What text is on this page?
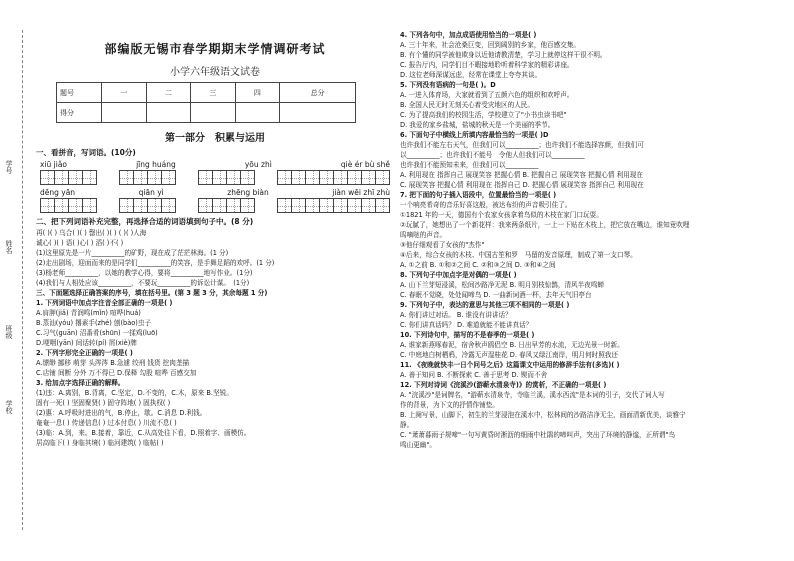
学校
班级
姓名
学号
部编版无锡市春学期期末学情调研考试
小学六年级语文试卷
题号	一	二	三	四	总分
得分					
第一部分　积累与运用
一、看拼音，写词语。(10分)
xiū jiǎo	jīng huáng	yōu zhì	qiè ér bù shě
dēng yān	qiān yì	zhēng biàn	jiàn wēi zhī zhù
二、把下列词语补充完整，再选择合适的词语填到句子中。(8 分)
再( )( ) 乌合( )( ) 罄出( )( ) ( )( )人海
诚心( )( ) 语( )心( ) 滔( )不( )
(1)这里原先是一片__________的矿野，现在成了茫茫林海。(1 分)
(2)走出剧场，迎面而来的是同学们__________的笑容，是手舞足蹈的欢呼。(1 分)
(3)杨老师__________，以她的教学心得，要将__________地写作业。(1分)
(4)我们与人相处应该__________，不要玩__________的诉讼计谋。　(1分)
三、下面题选择正确答案的序号，填在括号里。(第 3 题 3 分，其余每题 1 分)
1. 下列词语中加点字注音全部正确的一项是( )
A.肩胛(jiǎ) 青润鸣(mǐn) 喧哗(huá)
B.蒸汕(yóu) 撂素手(zhé) 刨(bào)虫子
C.习气(guān) 沼番肴(shūn) 一揉鸡(luō)
D.哽咽(yān) 间话转(pí) 屑(xiè)牌
2. 下列字形完全正确的一项是( )
A.缥缈 挪移 萌芽 头涔涔 B.急遽 绞刑 钱货 挖肉垄描
C.店铺 间断 分外 万不得已 D.保释 勾股 喧哗 百感交加
3. 给加点字选择正确的解释。
(1)违：A.离别，B.背离，C.坚定，D.不变的，C.木，原来 B.坚锐。
固有一死( ) 坚固聚贤( ) 固守阵地( ) 固执权( )
(2)惠：A.呼吸时进出的气，B.停止，歇。C.消息 D.利钱。
奄奄一息( ) 传递信息( ) 过本付息( ) 川流不息( )
(3)临：A.到，来。B.接着，靠近，C.从高处往下看，D.照着字、画模仿。
居高临下( ) 身临其境( ) 临河建筑( ) 临帖( )
4. 下列各句中，加点成语使用恰当的一项是( )
A. 三十年来，社会沧桑巨变，回到阔别的乡家，他百感交集。
B. 有个懂的同学被他欺身以近他请教清楚，学习上就停这样干很不明。
C. 报告厅内，同学们目不暇接地聆听着科学家的精彩讲座。
D. 这位老师深谋远虑，经常在课堂上夸夸其谈。
5. 下列没有语病的一句是( )。D
A. 一进入体育场，大家就看到了五颜六色的组织和欢呼声。
B. 全国人民无时无刻关心着受灾地区的人民。
C. 为了提高我们的校园生活，学校建立了"小书虫读书吧"
D. 我爱的家乡盐城，盐城的秋天是一个美丽的季节。
6. 下面句子中横线上所填内容最恰当的一项是( )D
也许我们不能左右天气，但我们可以__________；也许我们不能选择容颜，但我们可
以__________；也许我们不能号　令他人但我们可以__________
也许我们不能预知未来，但我们可以__________
A. 利用现在 指挥自己 展现笑容 把握心情 B. 把握自己 展现笑容 把握心情 利用现在
C. 展现笑容 把握心情 利用现在 指挥自己 D. 把握心情 展现笑容 指挥自己 利用现在
7. 把下面的句子插入语段中，位置最恰当的一项是( )
一个响亮希奇的音乐好喜这般，被达布纷的声音吸引住了。
①1821 年的一天，德国有个农家女孩拿着鸟似的木枝在家门口玩耍。
②玩腻了，她想出了一个新花样：我来两条纸片，一上一下贴在木枝上，把它放在嘴边，谁知竟吹哩
呜嘀哒的声音。
③他仔细观看了女孩的"杰作"
④后来，综合女孩的木枝、中国古笙和罗　马留的发音原理，制成了第一支口琴。
A. ①之前 B. ①和②之间 C. ②和③之间 D. ③和④之间
8. 下列句子中加点字是对偶的一项是( )
A. 山下兰芽短浸溪，松间沙路净无泥 B. 明月别枝惊鹊，清风半夜鸣蝉
C. 春眠不觉晓，处处闻啼鸟 D. 一曲新词酒一杯，去年天气旧亭台
9. 下列句子中，表达的意思与其他三项不相同的一项是( )
A. 你们讲过对话。 B. 谁没有讲讲话？
C. 你们讲真话吗？ D. 难道就能不能讲真话？
10. 下列诗句中，描写的不是春季的一项是( )
A. 谁家新燕啄春泥，宿舍秋声鸥侣空 B. 日出早芳的水流，无边光景一时新。
C. 中庭地白树栖鸦，冷露无声湿桂花 D. 春风又绿江南岸，明月何时照我还
11. 《夜晚就快丰一日个问号之后》这篇课文中运用的修辞手法有(多选)( )
A. 善于知问 B. 不断探索 C. 善于思考 D. 锲而不舍
12. 下列对诗词《浣溪沙(游蕲水清泉寺)》的赏析，不正确的一项是( )
A. "浣溪沙"是词牌名，"游蕲水清泉寺，寺临兰溪，溪水西流"是本词的引子，交代了词人写
作的背景，为下文的抒情作铺垫。
B. 上阕写景，山脚下，初生的兰芽浸泡在溪水中，松林间的沙路洁净无尘，画面清新优美，谈雅宁
静。
C. "萧萧暮雨子规啼"一句写黄昏时淅沥的细雨中杜鹃的啼叫声，突出了环境的静谧，正所谓"鸟
鸣山更幽"。
